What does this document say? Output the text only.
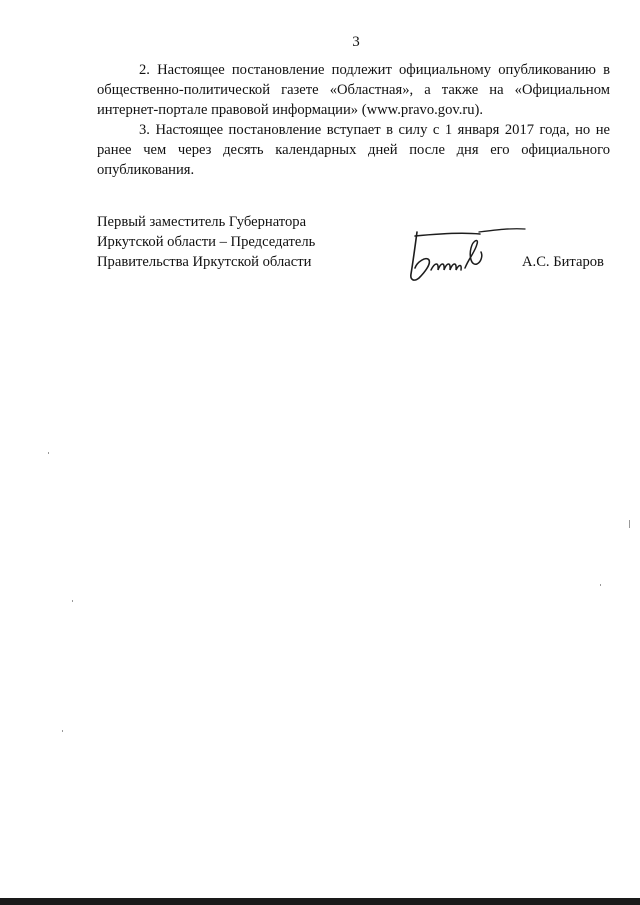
3

2. Настоящее постановление подлежит официальному опубликованию в общественно-политической газете «Областная», а также на «Официальном интернет-портале правовой информации» (www.pravo.gov.ru).

3. Настоящее постановление вступает в силу с 1 января 2017 года, но не ранее чем через десять календарных дней после дня его официального опубликования.

Первый заместитель Губернатора
Иркутской области – Председатель
Правительства Иркутской области	А.С. Битаров
